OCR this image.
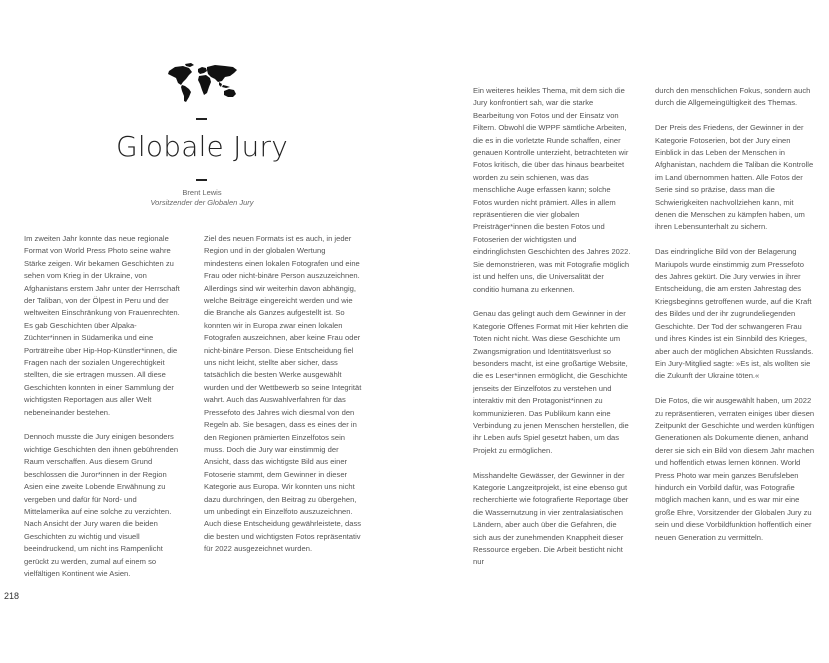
Globale Jury
Brent Lewis
Vorsitzender der Globalen Jury

Im zweiten Jahr konnte das neue regionale Format von World Press Photo seine wahre Stärke zeigen. Wir bekamen Geschichten zu sehen vom Krieg in der Ukraine, von Afghanistans erstem Jahr unter der Herrschaft der Taliban, von der Ölpest in Peru und der weltweiten Einschränkung von Frauenrechten. Es gab Geschichten über Alpaka-Züchter*innen in Südamerika und eine Porträtreihe über Hip-Hop-Künstler*innen, die Fragen nach der sozialen Ungerechtigkeit stellten, die sie ertragen mussen. All diese Geschichten konnten in einer Sammlung der wichtigsten Reportagen aus aller Welt nebeneinander bestehen.

Dennoch musste die Jury einigen besonders wichtige Geschichten den ihnen gebührenden Raum verschaffen. Aus diesem Grund beschlossen die Juror*innen in der Region Asien eine zweite Lobende Erwähnung zu vergeben und dafür für Nord- und Mittelamerika auf eine solche zu verzichten. Nach Ansicht der Jury waren die beiden Geschichten zu wichtig und visuell beeindruckend, um nicht ins Rampenlicht gerückt zu werden, zumal auf einem so vielfältigen Kontinent wie Asien.

Ziel des neuen Formats ist es auch, in jeder Region und in der globalen Wertung mindestens einen lokalen Fotografen und eine Frau oder nicht-binäre Person auszuzeichnen. Allerdings sind wir weiterhin davon abhängig, welche Beiträge eingereicht werden und wie die Branche als Ganzes aufgestellt ist. So konnten wir in Europa zwar einen lokalen Fotografen auszeichnen, aber keine Frau oder nicht-binäre Person. Diese Entscheidung fiel uns nicht leicht, stellte aber sicher, dass tatsächlich die besten Werke ausgewählt wurden und der Wettbewerb so seine Integrität wahrt. Auch das Auswahlverfahren für das Pressefoto des Jahres wich diesmal von den Regeln ab. Sie besagen, dass es eines der in den Regionen prämierten Einzelfotos sein muss. Doch die Jury war einstimmig der Ansicht, dass das wichtigste Bild aus einer Fotoserie stammt, dem Gewinner in dieser Kategorie aus Europa. Wir konnten uns nicht dazu durchringen, den Beitrag zu übergehen, um unbedingt ein Einzelfoto auszuzeichnen. Auch diese Entscheidung gewährleistete, dass die besten und wichtigsten Fotos repräsentativ für 2022 ausgezeichnet wurden.

Ein weiteres heikles Thema, mit dem sich die Jury konfrontiert sah, war die starke Bearbeitung von Fotos und der Einsatz von Filtern. Obwohl die WPPF sämtliche Arbeiten, die es in die vorletzte Runde schaffen, einer genauen Kontrolle unterzieht, betrachteten wir Fotos kritisch, die über das hinaus bearbeitet worden zu sein schienen, was das menschliche Auge erfassen kann; solche Fotos wurden nicht prämiert. Alles in allem repräsentieren die vier globalen Preisträger*innen die besten Fotos und Fotoserien der wichtigsten und eindringlichsten Geschichten des Jahres 2022. Sie demonstrieren, was mit Fotografie möglich ist und helfen uns, die Universalität der conditio humana zu erkennen.

Genau das gelingt auch dem Gewinner in der Kategorie Offenes Format mit Hier kehrten die Toten nicht nicht. Was diese Geschichte um Zwangsmigration und Identitätsverlust so besonders macht, ist eine großartige Website, die es Leser*innen ermöglicht, die Geschichte jenseits der Einzelfotos zu verstehen und interaktiv mit den Protagonist*innen zu kommunizieren. Das Publikum kann eine Verbindung zu jenen Menschen herstellen, die ihr Leben aufs Spiel gesetzt haben, um das Projekt zu ermöglichen.

Misshandelte Gewässer, der Gewinner in der Kategorie Langzeitprojekt, ist eine ebenso gut recherchierte wie fotografierte Reportage über die Wassernutzung in vier zentralasiatischen Ländern, aber auch über die Gefahren, die sich aus der zunehmenden Knappheit dieser Ressource ergeben. Die Arbeit besticht nicht nur

durch den menschlichen Fokus, sondern auch durch die Allgemeingültigkeit des Themas.

Der Preis des Friedens, der Gewinner in der Kategorie Fotoserien, bot der Jury einen Einblick in das Leben der Menschen in Afghanistan, nachdem die Taliban die Kontrolle im Land übernommen hatten. Alle Fotos der Serie sind so präzise, dass man die Schwierigkeiten nachvollziehen kann, mit denen die Menschen zu kämpfen haben, um ihren Lebensunterhalt zu sichern.

Das eindringliche Bild von der Belagerung Mariupols wurde einstimmig zum Pressefoto des Jahres gekürt. Die Jury verwies in ihrer Entscheidung, die am ersten Jahrestag des Kriegsbeginns getroffenen wurde, auf die Kraft des Bildes und der ihr zugrundeliegenden Geschichte. Der Tod der schwangeren Frau und ihres Kindes ist ein Sinnbild des Krieges, aber auch der möglichen Absichten Russlands. Ein Jury-Mitglied sagte: »Es ist, als wollten sie die Zukunft der Ukraine töten.«

Die Fotos, die wir ausgewählt haben, um 2022 zu repräsentieren, verraten einiges über diesen Zeitpunkt der Geschichte und werden künftigen Generationen als Dokumente dienen, anhand derer sie sich ein Bild von diesem Jahr machen und hoffentlich etwas lernen können. World Press Photo war mein ganzes Berufsleben hindurch ein Vorbild dafür, was Fotografie möglich machen kann, und es war mir eine große Ehre, Vorsitzender der Globalen Jury zu sein und diese Vorbildfunktion hoffentlich einer neuen Generation zu vermitteln.

218
